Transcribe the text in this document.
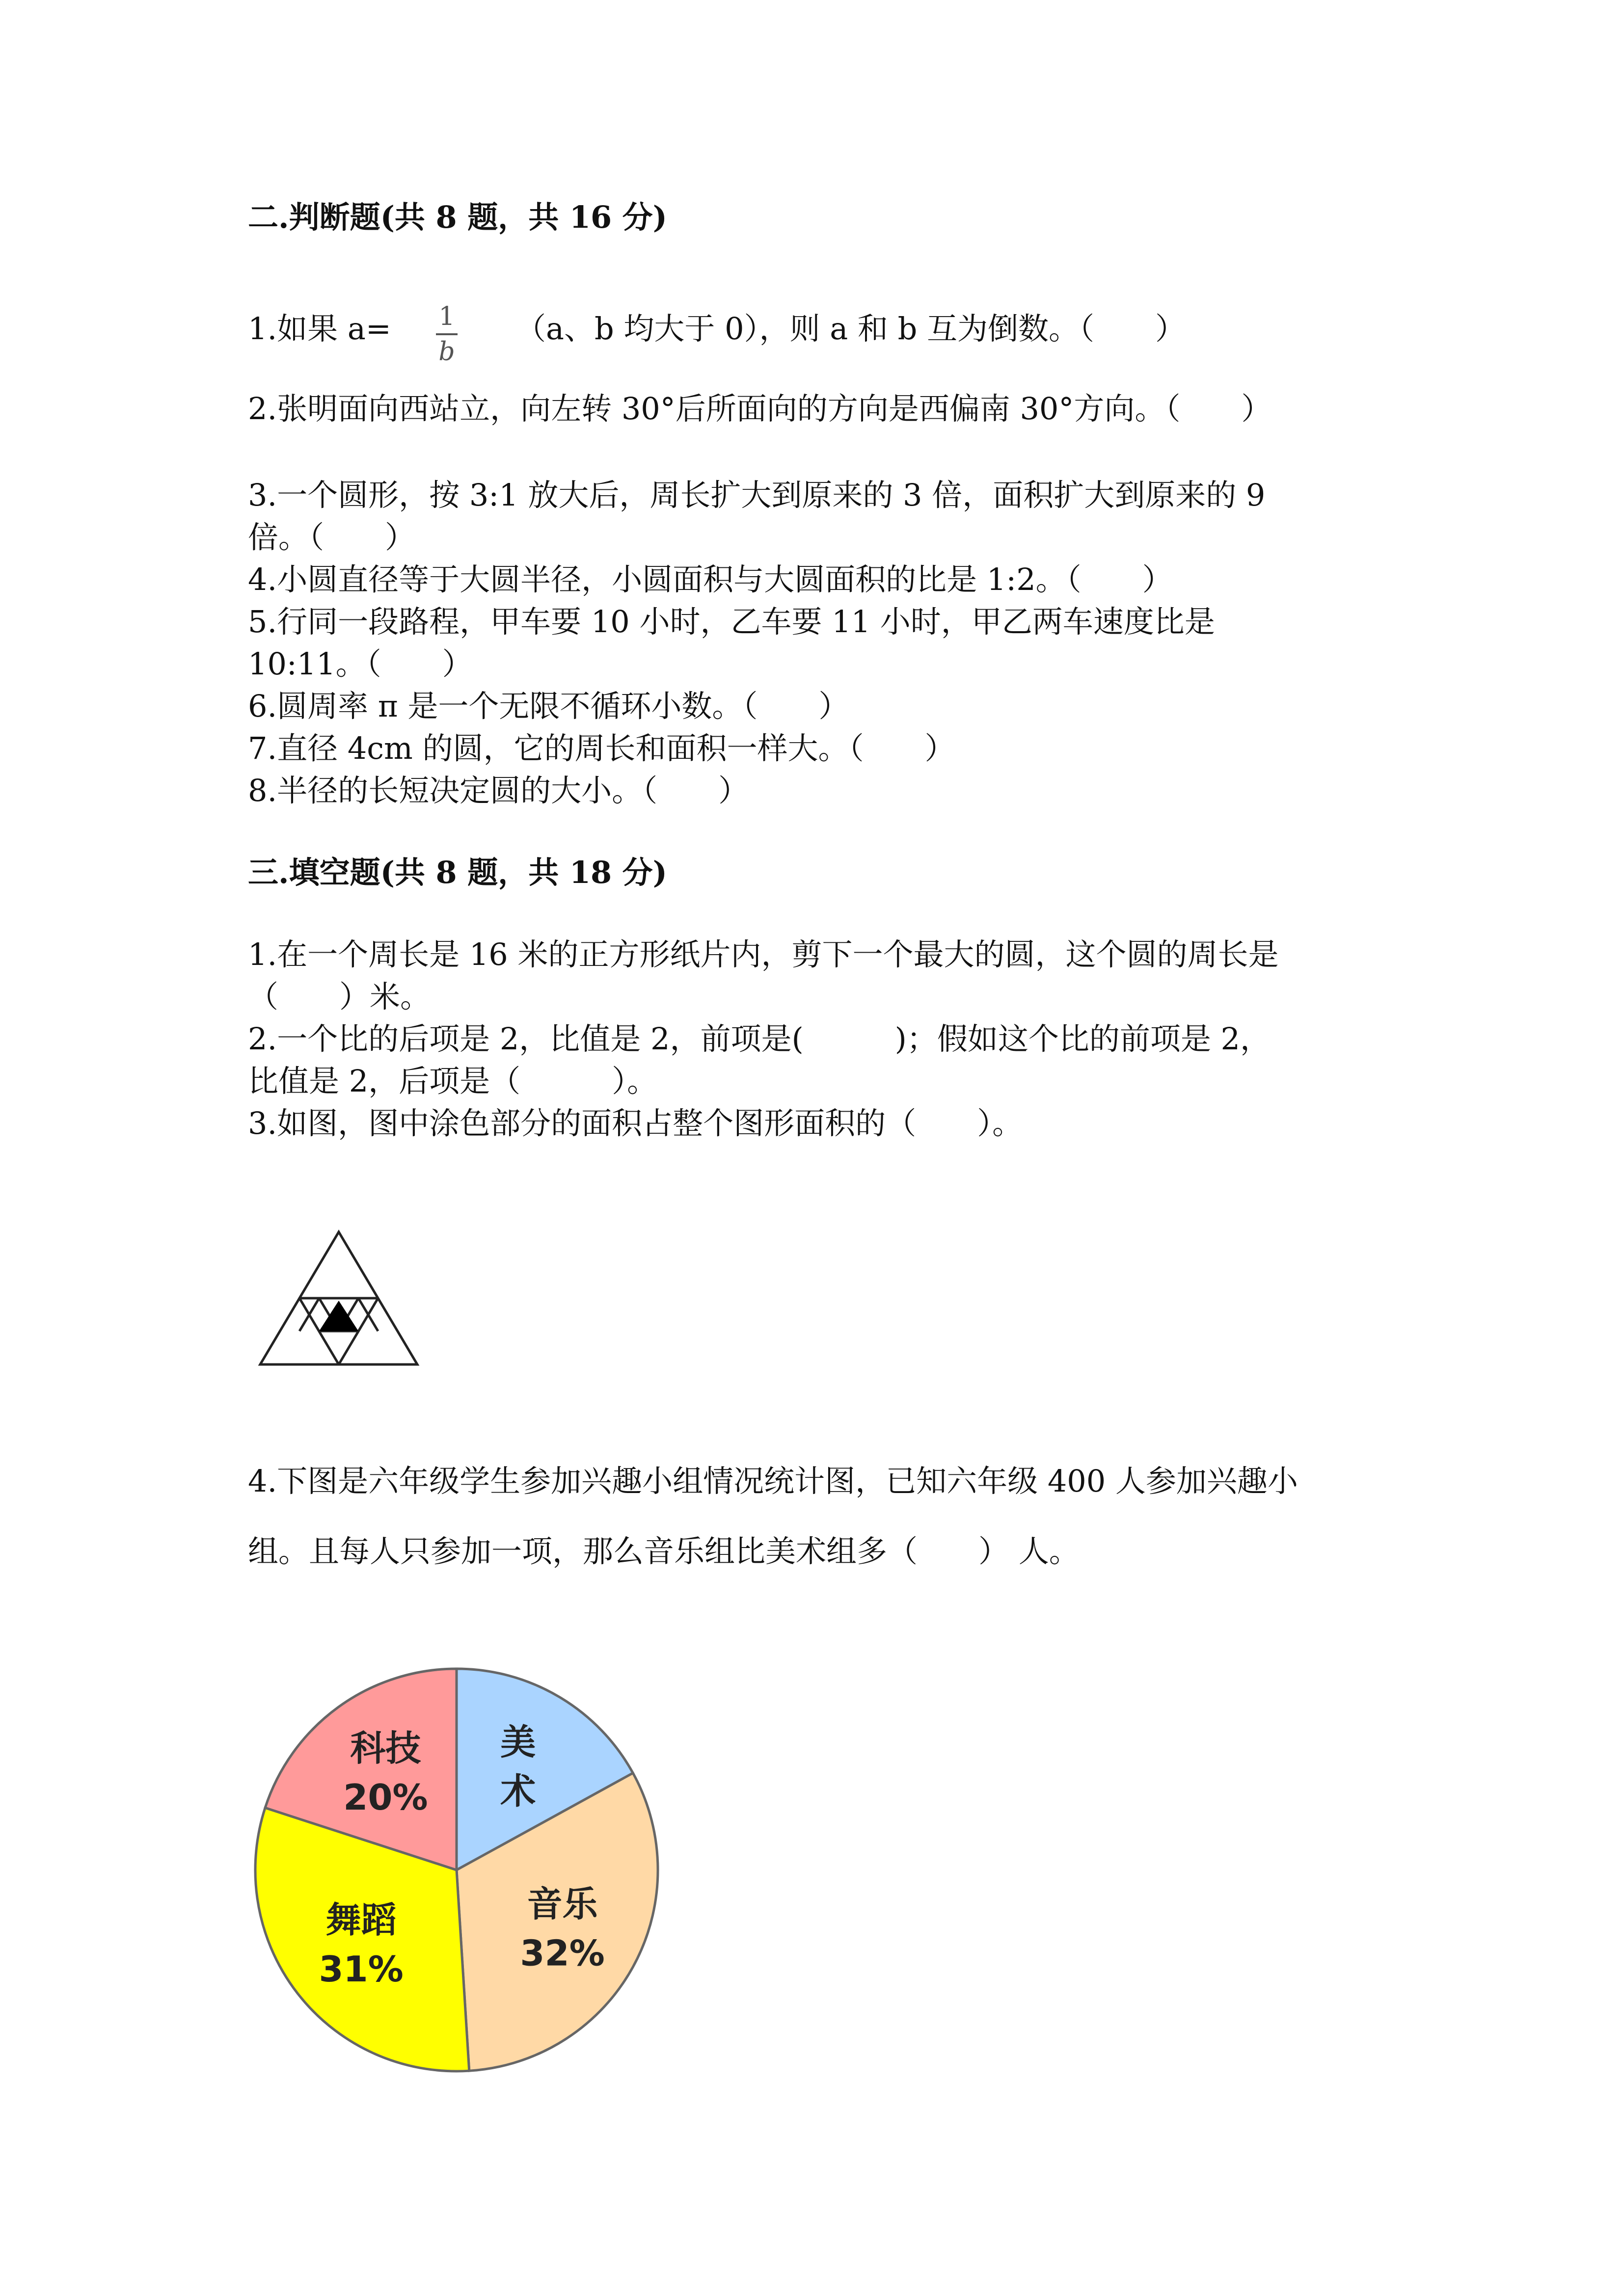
二.判断题(共 8 题，共 16 分)
1.如果 a= 1
b
（a、b 均大于 0），则 a 和 b 互为倒数。（　　）
2.张明面向西站立，向左转 30°后所面向的方向是西偏南 30°方向。（　　）
3.一个圆形，按 3:1 放大后，周长扩大到原来的 3 倍，面积扩大到原来的 9
倍。（　　）
4.小圆直径等于大圆半径，小圆面积与大圆面积的比是 1:2。（　　）
5.行同一段路程，甲车要 10 小时，乙车要 11 小时，甲乙两车速度比是
10:11。（　　）
6.圆周率 π 是一个无限不循环小数。（　　）
7.直径 4cm 的圆，它的周长和面积一样大。（　　）
8.半径的长短决定圆的大小。（　　）
三.填空题(共 8 题，共 18 分)
1.在一个周长是 16 米的正方形纸片内，剪下一个最大的圆，这个圆的周长是
（　　）米。
2.一个比的后项是 2，比值是 2，前项是(　　　)；假如这个比的前项是 2，
比值是 2，后项是（　　　）。
3.如图，图中涂色部分的面积占整个图形面积的（　　）。
4.下图是六年级学生参加兴趣小组情况统计图，已知六年级 400 人参加兴趣小
组。且每人只参加一项，那么音乐组比美术组多（　　） 人。
美
术
音乐
32%
舞蹈
31%
科技
20%
